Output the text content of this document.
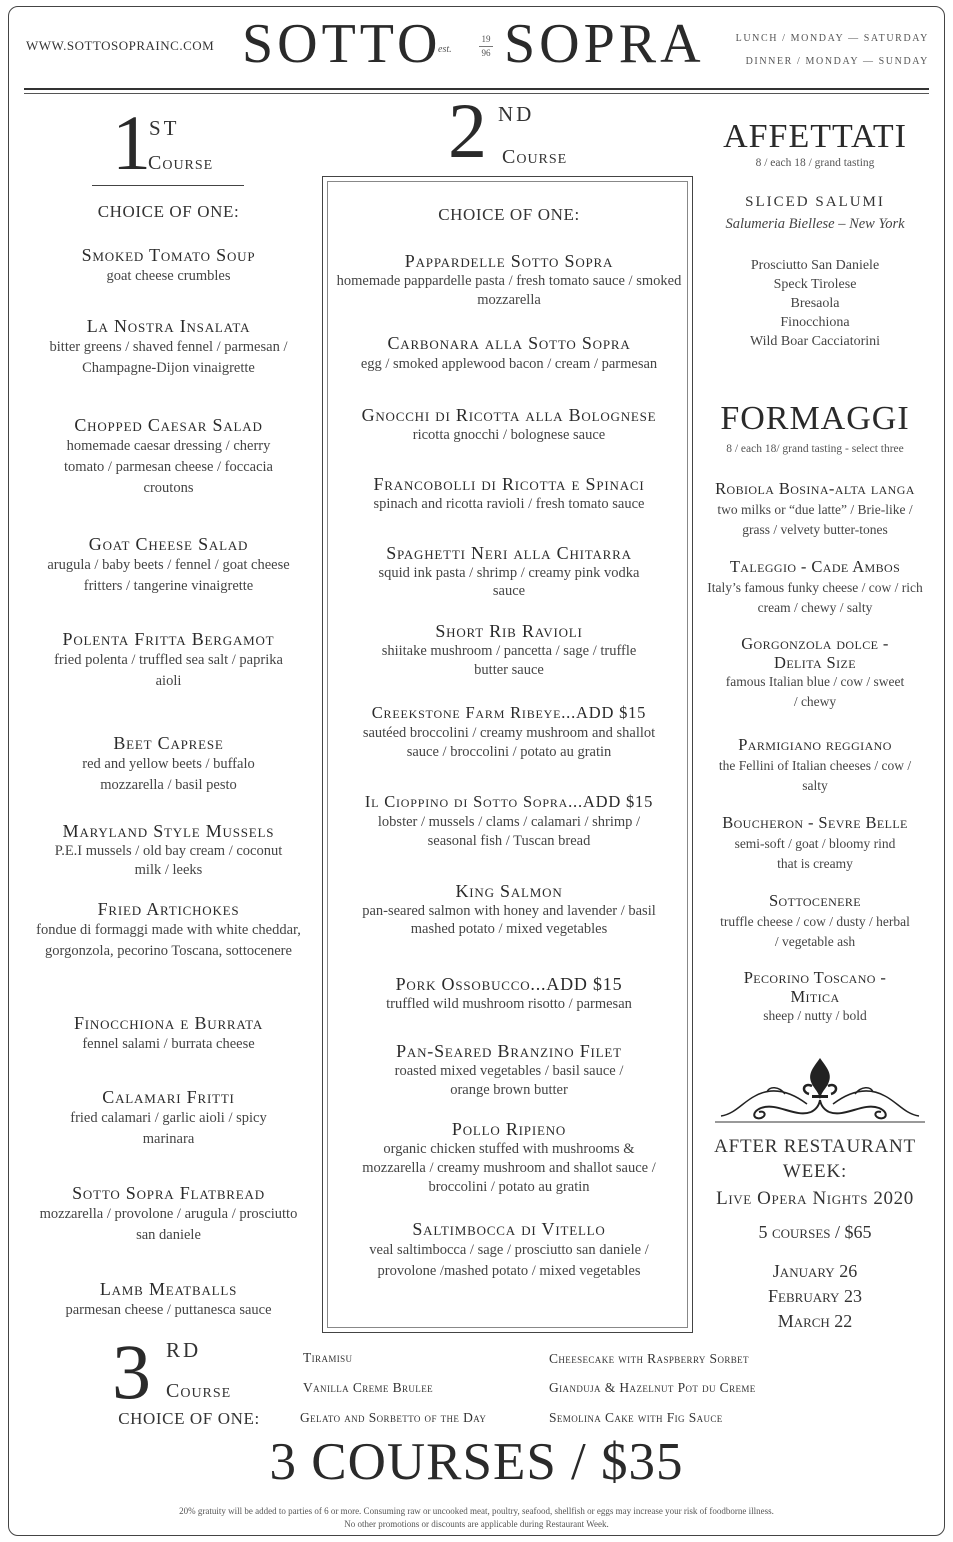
WWW.SOTTOSOPRAINC.COM SOTTO
est.
19
96 SOPRA	LUNCH / MONDAY — SATURDAY
DINNER / MONDAY — SUNDAY
1
ST
Course
CHOICE OF ONE:
Smoked Tomato Soup
goat cheese crumbles
La Nostra Insalata
bitter greens / shaved fennel / parmesan / Champagne-Dijon vinaigrette
Chopped Caesar Salad
homemade caesar dressing / cherry tomato / parmesan cheese / foccacia croutons
Goat Cheese Salad
arugula / baby beets / fennel / goat cheese fritters / tangerine vinaigrette
Polenta Fritta Bergamot
fried polenta / truffled sea salt / paprika aioli
Beet Caprese
red and yellow beets / buffalo mozzarella / basil pesto
Maryland Style Mussels
P.E.I mussels / old bay cream / coconut milk / leeks
Fried Artichokes
fondue di formaggi made with white cheddar, gorgonzola, pecorino Toscana, sottocenere
Finocchiona e Burrata
fennel salami / burrata cheese
Calamari Fritti
fried calamari / garlic aioli / spicy marinara
Sotto Sopra Flatbread
mozzarella / provolone / arugula / prosciutto san daniele
Lamb Meatballs
parmesan cheese / puttanesca sauce
2 ND
Course
CHOICE OF ONE:
Pappardelle Sotto Sopra
homemade pappardelle pasta / fresh tomato sauce / smoked mozzarella
Carbonara alla Sotto Sopra
egg / smoked applewood bacon / cream / parmesan
Gnocchi di Ricotta alla Bolognese
ricotta gnocchi / bolognese sauce
Francobolli di Ricotta e Spinaci
spinach and ricotta ravioli / fresh tomato sauce
Spaghetti Neri alla Chitarra
squid ink pasta / shrimp / creamy pink vodka sauce
Short Rib Ravioli
shiitake mushroom / pancetta / sage / truffle butter sauce
Creekstone Farm Ribeye...ADD $15
sautéed broccolini / creamy mushroom and shallot sauce / broccolini / potato au gratin
Il Cioppino di Sotto Sopra...ADD $15
lobster / mussels / clams / calamari / shrimp / seasonal fish / Tuscan bread
King Salmon
pan-seared salmon with honey and lavender / basil mashed potato / mixed vegetables
Pork Ossobucco...ADD $15
truffled wild mushroom risotto / parmesan
Pan-Seared Branzino Filet
roasted mixed vegetables / basil sauce / orange brown butter
Pollo Ripieno
organic chicken stuffed with mushrooms & mozzarella / creamy mushroom and shallot sauce / broccolini / potato au gratin
Saltimbocca di Vitello
veal saltimbocca / sage / prosciutto san daniele / provolone /mashed potato / mixed vegetables
AFFETTATI
8 / each 18 / grand tasting
SLICED SALUMI
Salumeria Biellese – New York
Prosciutto San Daniele
Speck Tirolese
Bresaola
Finocchiona
Wild Boar Cacciatorini
FORMAGGI
8 / each 18/ grand tasting - select three
Robiola Bosina-alta langa
two milks or “due latte” / Brie-like / grass / velvety butter-tones
Taleggio - Cade Ambos
Italy’s famous funky cheese / cow / rich cream / chewy / salty
Gorgonzola dolce - Delita Size
famous Italian blue / cow / sweet / chewy
Parmigiano reggiano
the Fellini of Italian cheeses / cow / salty
Boucheron - Sevre Belle
semi-soft / goat / bloomy rind that is creamy
Sottocenere
truffle cheese / cow / dusty / herbal / vegetable ash
Pecorino Toscano - Mitica
sheep / nutty / bold
AFTER RESTAURANT
WEEK:
Live Opera Nights 2020
5 courses / $65
January 26
February 23
March 22
3 RD
Course
CHOICE OF ONE:
Tiramisu
Vanilla Creme Brulee
Gelato and Sorbetto of the Day
Cheesecake with Raspberry Sorbet
Gianduja & Hazelnut Pot du Creme
Semolina Cake with Fig Sauce
3 COURSES / $35
20% gratuity will be added to parties of 6 or more. Consuming raw or uncooked meat, poultry, seafood, shellfish or eggs may increase your risk of foodborne illness.
No other promotions or discounts are applicable during Restaurant Week.
